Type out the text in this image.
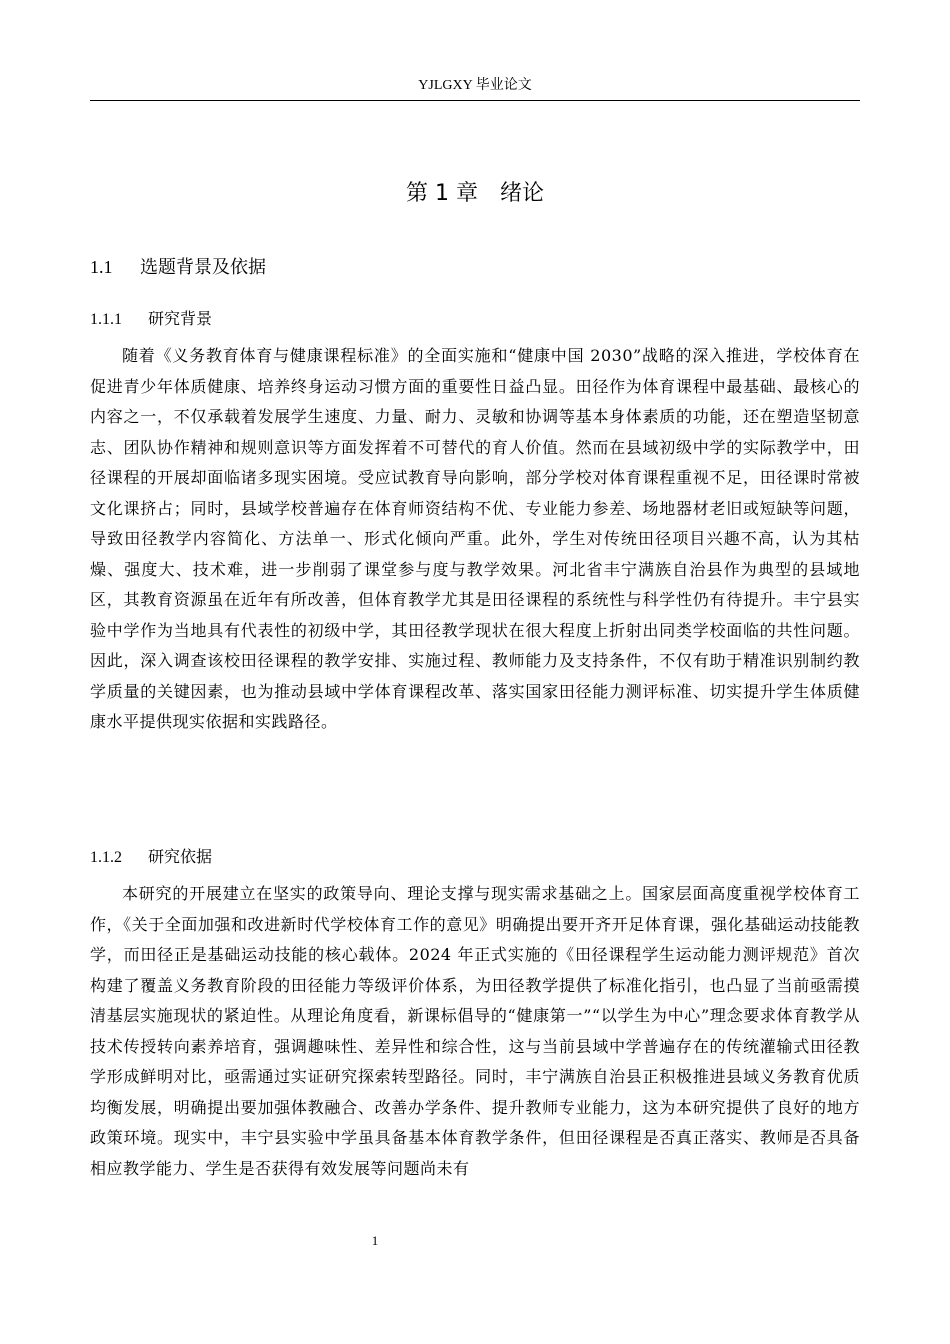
YJLGXY 毕业论文
第 1 章　绪论
1.1 选题背景及依据
1.1.1 研究背景

随着《义务教育体育与健康课程标准》的全面实施和“健康中国 2030”战略的深入推进，学校体育在促进青少年体质健康、培养终身运动习惯方面的重要性日益凸显。田径作为体育课程中最基础、最核心的内容之一，不仅承载着发展学生速度、力量、耐力、灵敏和协调等基本身体素质的功能，还在塑造坚韧意志、团队协作精神和规则意识等方面发挥着不可替代的育人价值。然而在县域初级中学的实际教学中，田径课程的开展却面临诸多现实困境。受应试教育导向影响，部分学校对体育课程重视不足，田径课时常被文化课挤占；同时，县域学校普遍存在体育师资结构不优、专业能力参差、场地器材老旧或短缺等问题，导致田径教学内容简化、方法单一、形式化倾向严重。此外，学生对传统田径项目兴趣不高，认为其枯燥、强度大、技术难，进一步削弱了课堂参与度与教学效果。河北省丰宁满族自治县作为典型的县域地区，其教育资源虽在近年有所改善，但体育教学尤其是田径课程的系统性与科学性仍有待提升。丰宁县实验中学作为当地具有代表性的初级中学，其田径教学现状在很大程度上折射出同类学校面临的共性问题。因此，深入调查该校田径课程的教学安排、实施过程、教师能力及支持条件，不仅有助于精准识别制约教学质量的关键因素，也为推动县域中学体育课程改革、落实国家田径能力测评标准、切实提升学生体质健康水平提供现实依据和实践路径。

1.1.2 研究依据

本研究的开展建立在坚实的政策导向、理论支撑与现实需求基础之上。国家层面高度重视学校体育工作，《关于全面加强和改进新时代学校体育工作的意见》明确提出要开齐开足体育课，强化基础运动技能教学，而田径正是基础运动技能的核心载体。2024 年正式实施的《田径课程学生运动能力测评规范》首次构建了覆盖义务教育阶段的田径能力等级评价体系，为田径教学提供了标准化指引，也凸显了当前亟需摸清基层实施现状的紧迫性。从理论角度看，新课标倡导的“健康第一”“以学生为中心”理念要求体育教学从技术传授转向素养培育，强调趣味性、差异性和综合性，这与当前县域中学普遍存在的传统灌输式田径教学形成鲜明对比，亟需通过实证研究探索转型路径。同时，丰宁满族自治县正积极推进县域义务教育优质均衡发展，明确提出要加强体教融合、改善办学条件、提升教师专业能力，这为本研究提供了良好的地方政策环境。现实中，丰宁县实验中学虽具备基本体育教学条件，但田径课程是否真正落实、教师是否具备相应教学能力、学生是否获得有效发展等问题尚未有

1
